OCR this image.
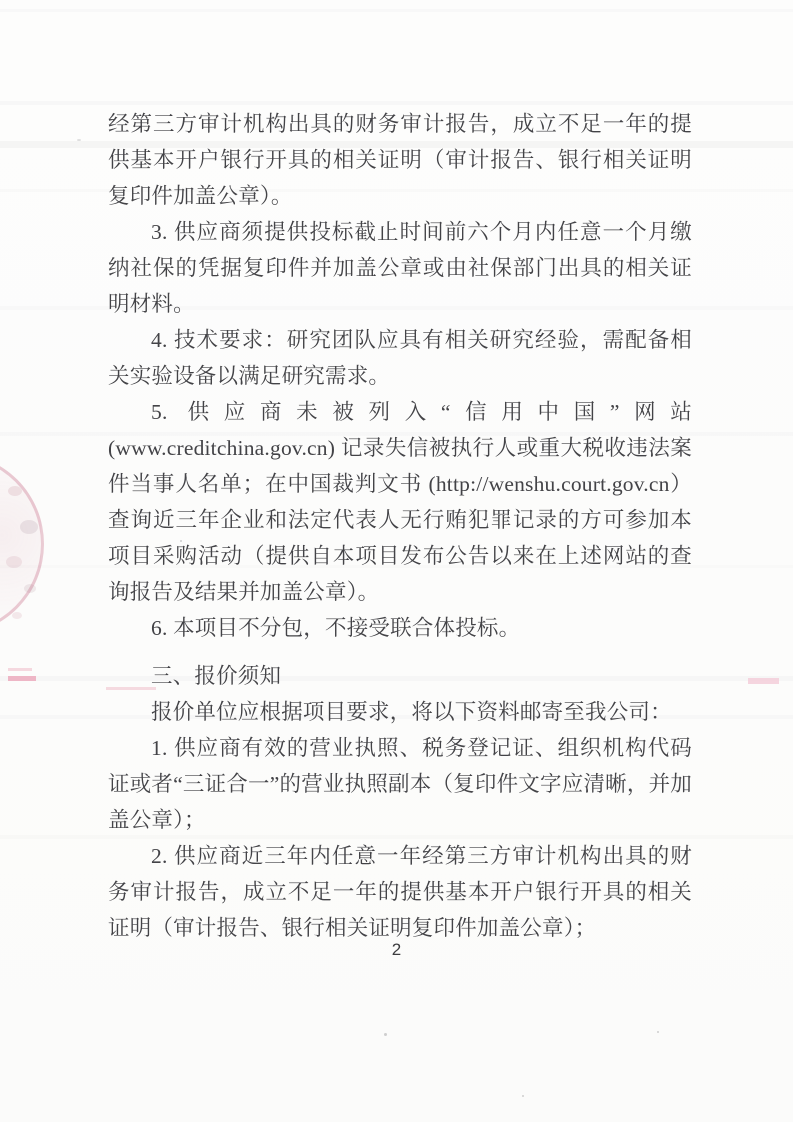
经第三方审计机构出具的财务审计报告，成立不足一年的提供基本开户银行开具的相关证明（审计报告、银行相关证明复印件加盖公章）。

3. 供应商须提供投标截止时间前六个月内任意一个月缴纳社保的凭据复印件并加盖公章或由社保部门出具的相关证明材料。

4. 技术要求：研究团队应具有相关研究经验，需配备相关实验设备以满足研究需求。

5. 供应商未被列入“信用中国”网站 (www.creditchina.gov.cn) 记录失信被执行人或重大税收违法案件当事人名单；在中国裁判文书 (http://wenshu.court.gov.cn）查询近三年企业和法定代表人无行贿犯罪记录的方可参加本项目采购活动（提供自本项目发布公告以来在上述网站的查询报告及结果并加盖公章）。

6. 本项目不分包，不接受联合体投标。

三、报价须知

报价单位应根据项目要求，将以下资料邮寄至我公司：

1. 供应商有效的营业执照、税务登记证、组织机构代码证或者“三证合一”的营业执照副本（复印件文字应清晰，并加盖公章）；

2. 供应商近三年内任意一年经第三方审计机构出具的财务审计报告，成立不足一年的提供基本开户银行开具的相关证明（审计报告、银行相关证明复印件加盖公章）；

2
